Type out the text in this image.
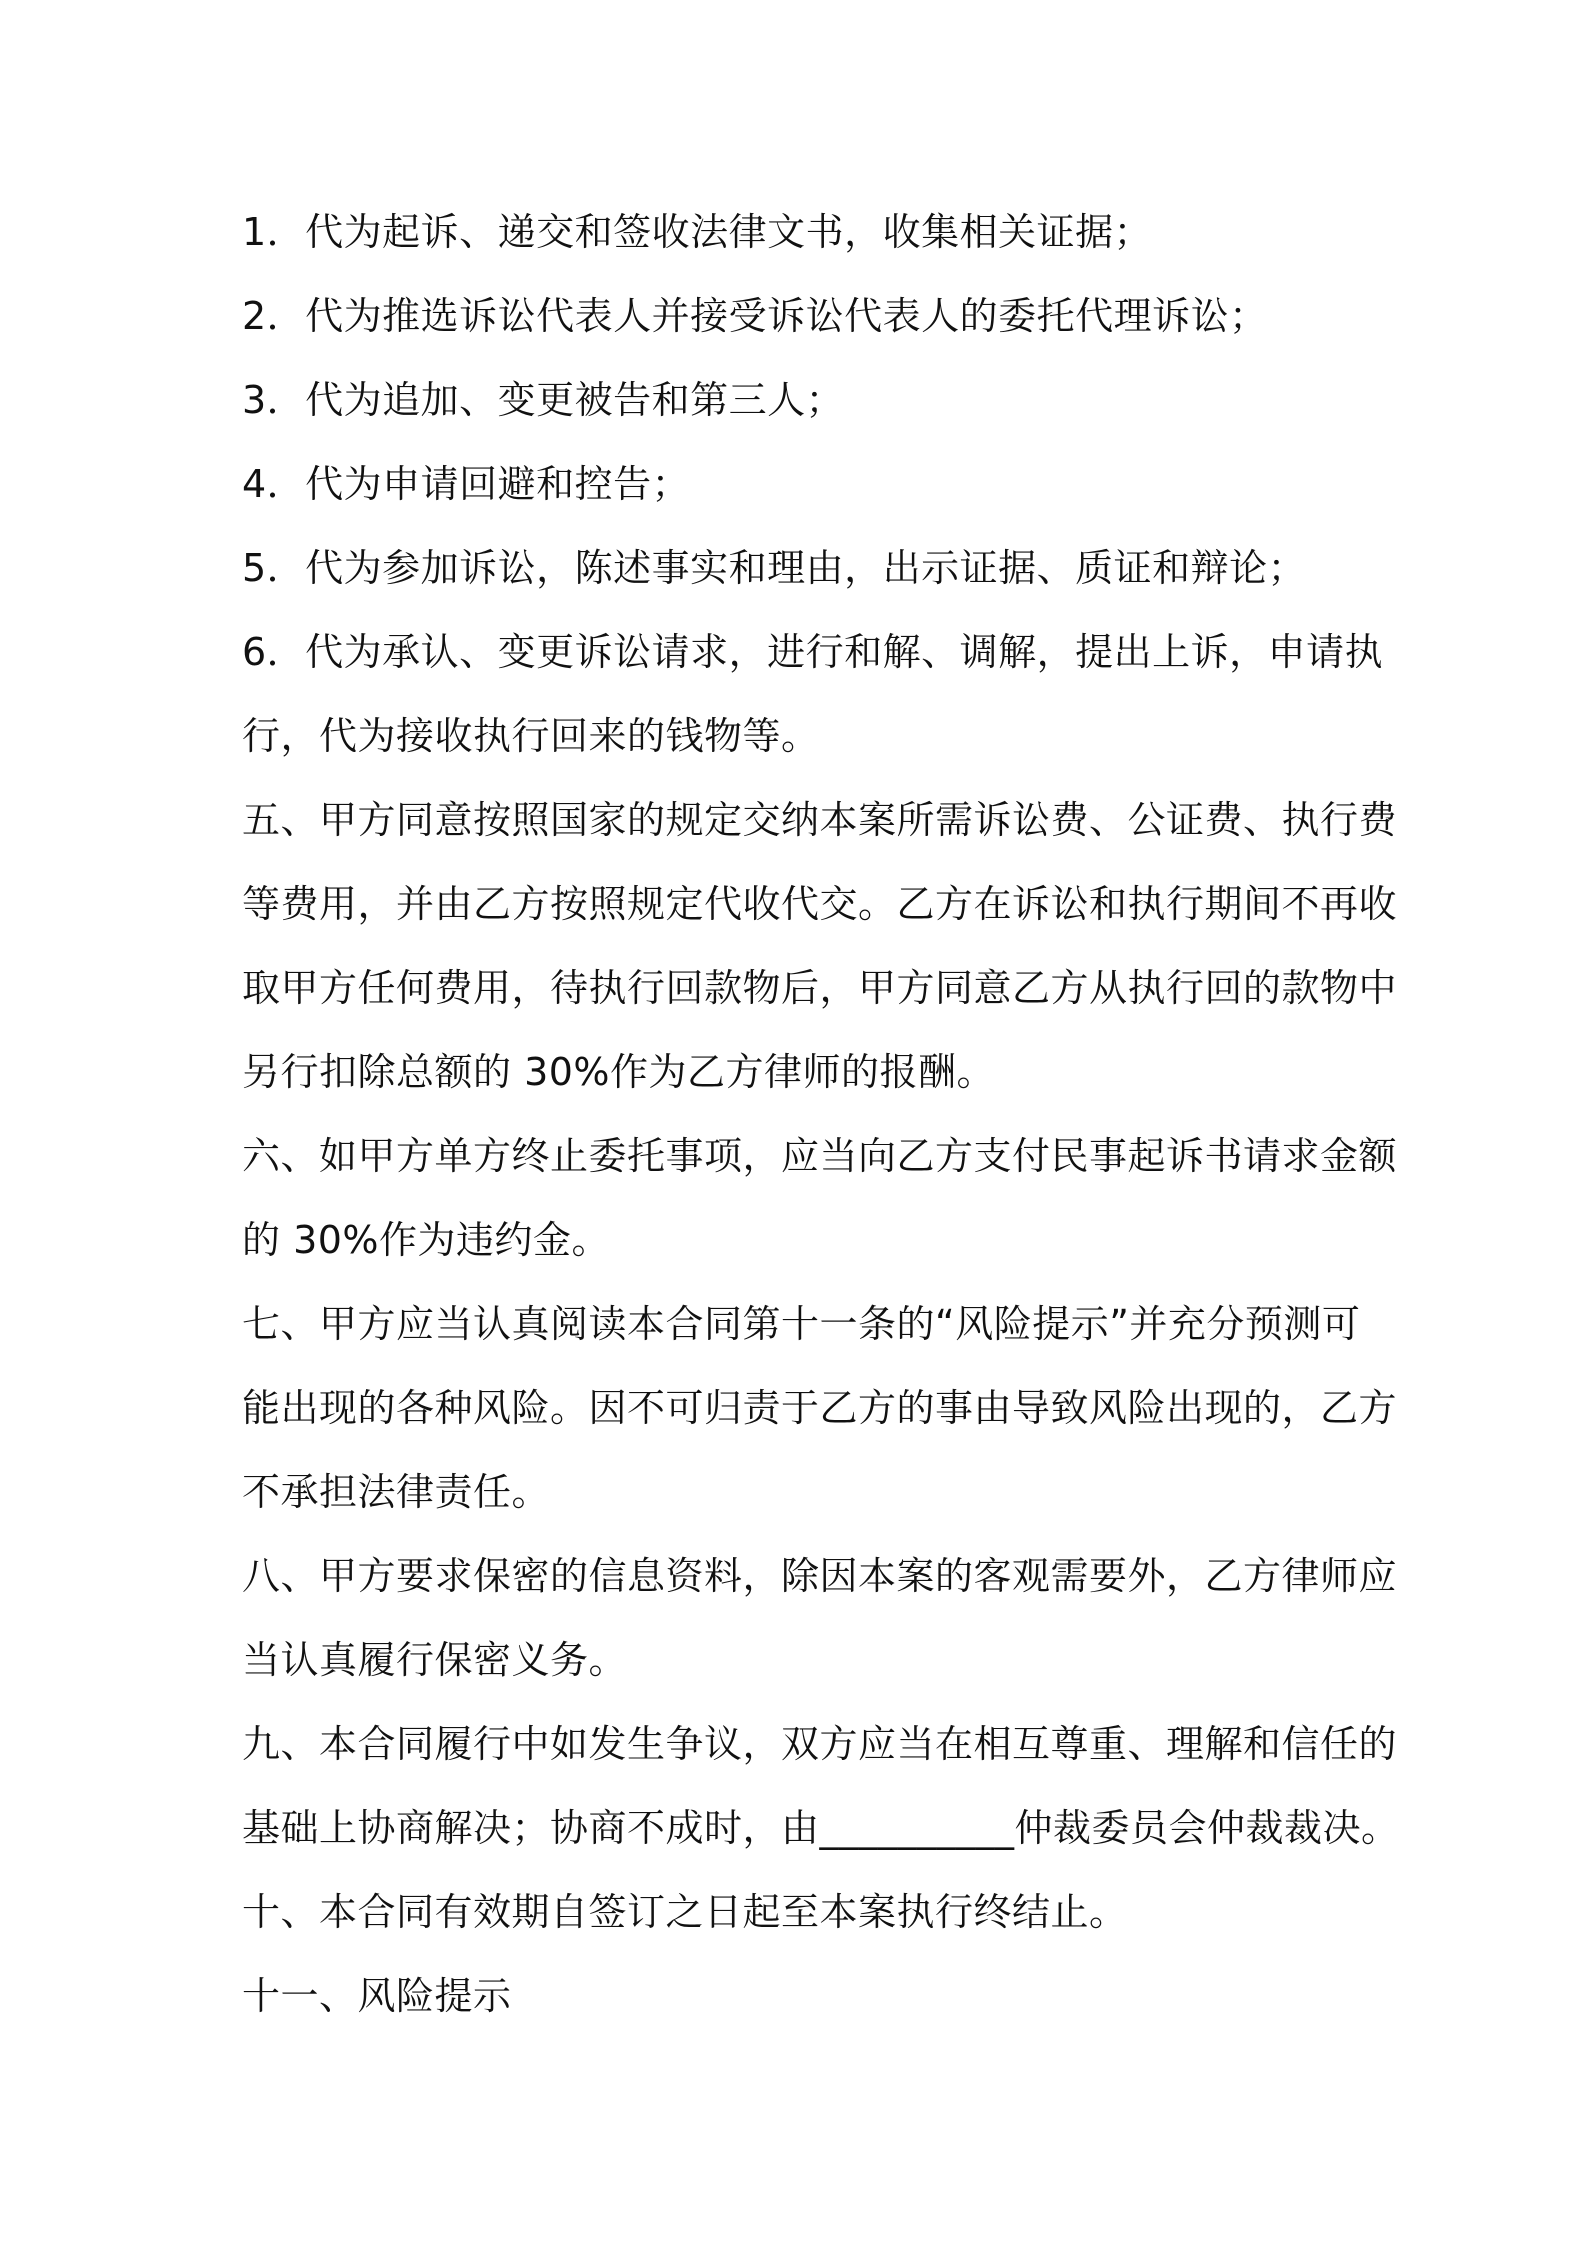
1．代为起诉、递交和签收法律文书，收集相关证据；
2．代为推选诉讼代表人并接受诉讼代表人的委托代理诉讼；
3．代为追加、变更被告和第三人；
4．代为申请回避和控告；
5．代为参加诉讼，陈述事实和理由，出示证据、质证和辩论；
6．代为承认、变更诉讼请求，进行和解、调解，提出上诉，申请执
行，代为接收执行回来的钱物等。
五、甲方同意按照国家的规定交纳本案所需诉讼费、公证费、执行费
等费用，并由乙方按照规定代收代交。乙方在诉讼和执行期间不再收
取甲方任何费用，待执行回款物后，甲方同意乙方从执行回的款物中
另行扣除总额的 30%作为乙方律师的报酬。
六、如甲方单方终止委托事项，应当向乙方支付民事起诉书请求金额
的 30%作为违约金。
七、甲方应当认真阅读本合同第十一条的“风险提示”并充分预测可
能出现的各种风险。因不可归责于乙方的事由导致风险出现的，乙方
不承担法律责任。
八、甲方要求保密的信息资料，除因本案的客观需要外，乙方律师应
当认真履行保密义务。
九、本合同履行中如发生争议，双方应当在相互尊重、理解和信任的
基础上协商解决；协商不成时，由__________仲裁委员会仲裁裁决。
十、本合同有效期自签订之日起至本案执行终结止。
十一、风险提示
